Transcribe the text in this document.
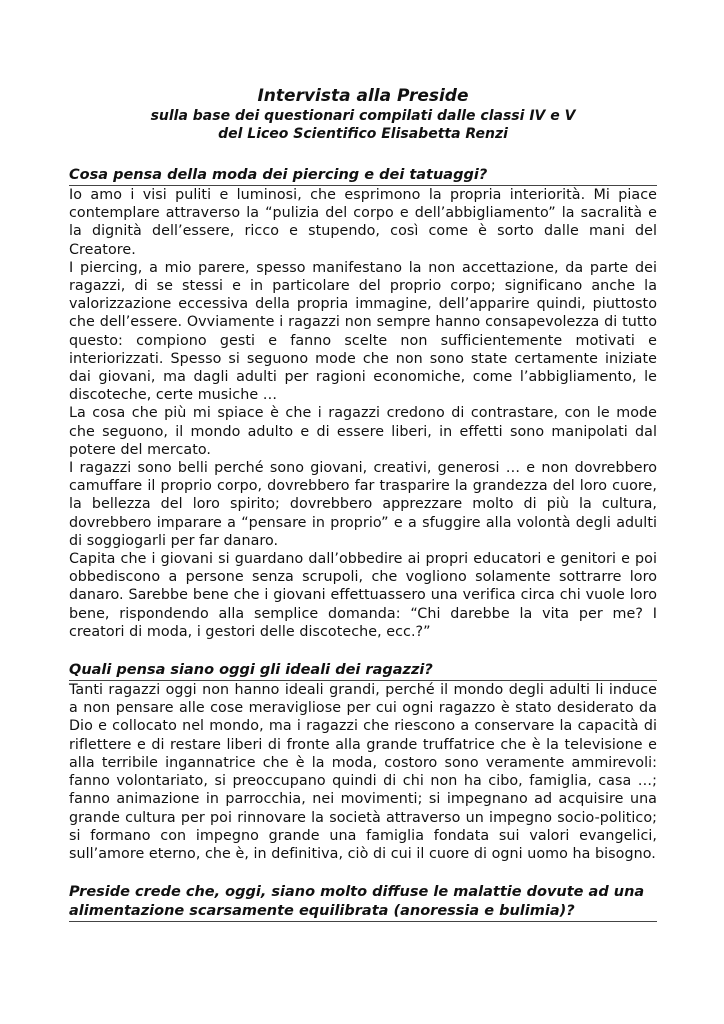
Intervista alla Preside

sulla base dei questionari compilati dalle classi IV e V

del Liceo Scientifico Elisabetta Renzi

Cosa pensa della moda dei piercing e dei tatuaggi?

Io amo i visi puliti e luminosi, che esprimono la propria interiorità. Mi piace contemplare attraverso la “pulizia del corpo e dell’abbigliamento” la sacralità e la dignità dell’essere, ricco e stupendo, così come è sorto dalle mani del Creatore.

I piercing, a mio parere, spesso manifestano la non accettazione, da parte dei ragazzi, di se stessi e in particolare del proprio corpo; significano anche la valorizzazione eccessiva della propria immagine, dell’apparire quindi, piuttosto che dell’essere. Ovviamente i ragazzi non sempre hanno consapevolezza di tutto questo: compiono gesti e fanno scelte non sufficientemente motivati e interiorizzati. Spesso si seguono mode che non sono state certamente iniziate dai giovani, ma dagli adulti per ragioni economiche, come l’abbigliamento, le discoteche, certe musiche …

La cosa che più mi spiace è che i ragazzi credono di contrastare, con le mode che seguono, il mondo adulto e di essere liberi, in effetti sono manipolati dal potere del mercato.

I ragazzi sono belli perché sono giovani, creativi, generosi … e non dovrebbero camuffare il proprio corpo, dovrebbero far trasparire la grandezza del loro cuore, la bellezza del loro spirito; dovrebbero apprezzare molto di più la cultura, dovrebbero imparare a “pensare in proprio” e a sfuggire alla volontà degli adulti di soggiogarli per far danaro.

Capita che i giovani si guardano dall’obbedire ai propri educatori e genitori e poi obbediscono a persone senza scrupoli, che vogliono solamente sottrarre loro danaro. Sarebbe bene che i giovani effettuassero una verifica circa chi vuole loro bene, rispondendo alla semplice domanda: “Chi darebbe la vita per me? I creatori di moda, i gestori delle discoteche, ecc.?”

Quali pensa siano oggi gli ideali dei ragazzi?

Tanti ragazzi oggi non hanno ideali grandi, perché il mondo degli adulti li induce a non pensare alle cose meravigliose per cui ogni ragazzo è stato desiderato da Dio e collocato nel mondo, ma i ragazzi che riescono a conservare la capacità di riflettere e di restare liberi di fronte alla grande truffatrice che è la televisione e alla terribile ingannatrice che è la moda, costoro sono veramente ammirevoli: fanno volontariato, si preoccupano quindi di chi non ha cibo, famiglia, casa …; fanno animazione in parrocchia, nei movimenti; si impegnano ad acquisire una grande cultura per poi rinnovare la società attraverso un impegno socio-politico; si formano con impegno grande una famiglia fondata sui valori evangelici, sull’amore eterno, che è, in definitiva, ciò di cui il cuore di ogni uomo ha bisogno.

Preside crede che, oggi, siano molto diffuse le malattie dovute ad una alimentazione scarsamente equilibrata (anoressia e bulimia)?
